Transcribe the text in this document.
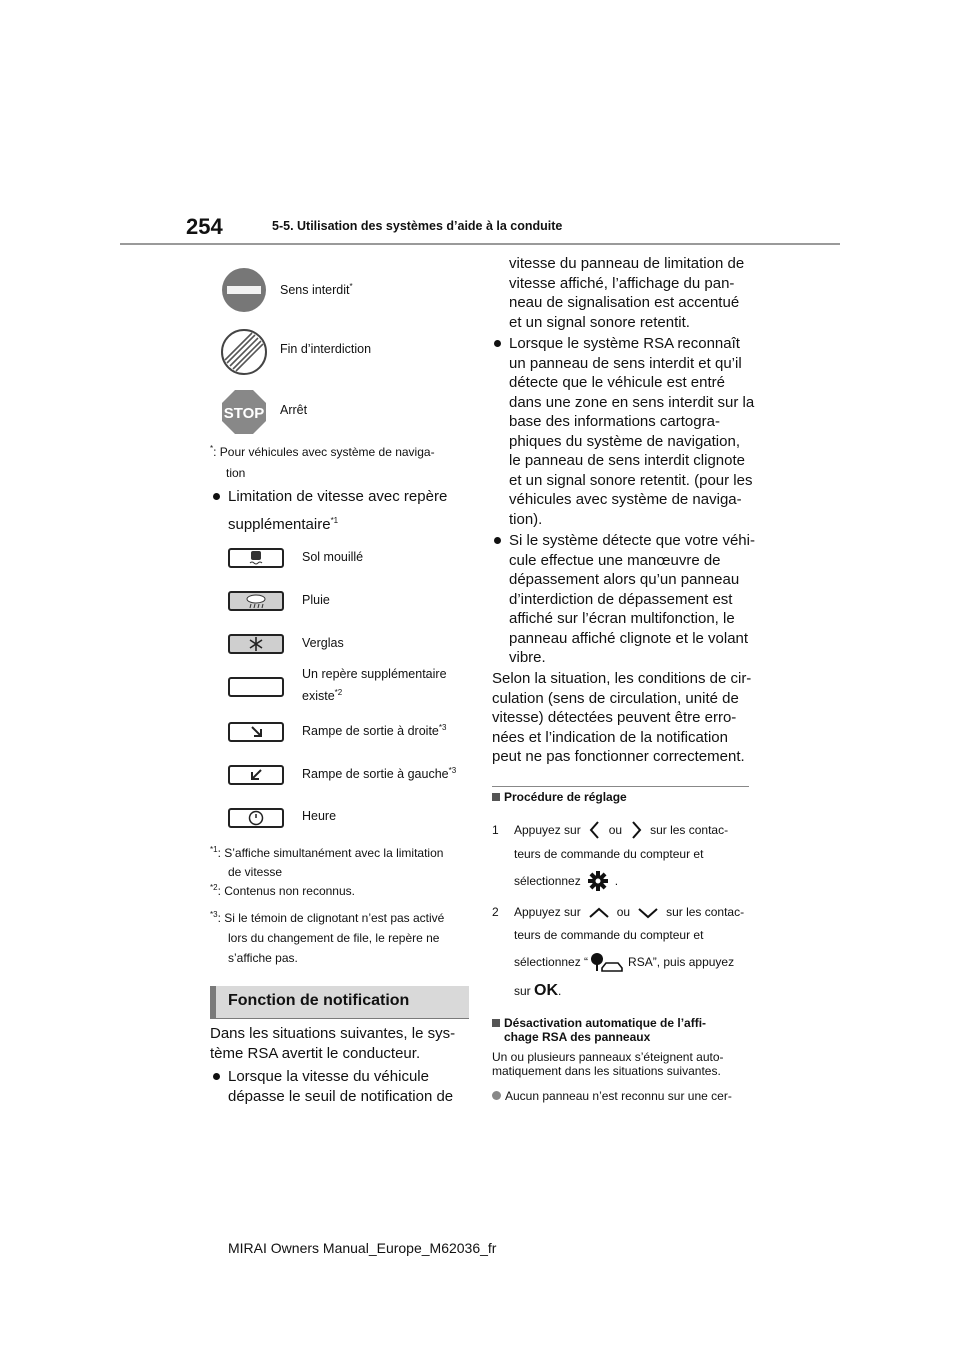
254	5-5. Utilisation des systèmes d’aide à la conduite
Sens interdit*
Fin d’interdiction
STOP Arrêt
*: Pour véhicules avec système de naviga-
tion
Limitation de vitesse avec repère
supplémentaire$^{*1}$
Sol mouillé
Pluie
Verglas
Un repère supplémentaire
existe$^{*2}$
Rampe de sortie à droite$^{*3}$
Rampe de sortie à gauche$^{*3}$
Heure
$^{*1}$: S’affiche simultanément avec la limitation
de vitesse
$^{*2}$: Contenus non reconnus.
$^{*3}$: Si le témoin de clignotant n’est pas activé
lors du changement de file, le repère ne
s’affiche pas.
Fonction de notification
Dans les situations suivantes, le sys-
tème RSA avertit le conducteur.
Lorsque la vitesse du véhicule
dépasse le seuil de notification de
vitesse du panneau de limitation de
vitesse affiché, l’affichage du pan-
neau de signalisation est accentué
et un signal sonore retentit.
Lorsque le système RSA reconnaît
un panneau de sens interdit et qu’il
détecte que le véhicule est entré
dans une zone en sens interdit sur la
base des informations cartogra-
phiques du système de navigation,
le panneau de sens interdit clignote
et un signal sonore retentit. (pour les
véhicules avec système de naviga-
tion).
Si le système détecte que votre véhi-
cule effectue une manœuvre de
dépassement alors qu’un panneau
d’interdiction de dépassement est
affiché sur l’écran multifonction, le
panneau affiché clignote et le volant
vibre.
Selon la situation, les conditions de cir-
culation (sens de circulation, unité de
vitesse) détectées peuvent être erro-
nées et l’indication de la notification
peut ne pas fonctionner correctement.
Procédure de réglage
1	Appuyez sur ou sur les contac-
teurs de commande du compteur et
sélectionnez	.
2	Appuyez sur	ou	sur les contac-
teurs de commande du compteur et
sélectionnez “	RSA”, puis appuyez
sur OK.
Désactivation automatique de l’affi-
chage RSA des panneaux
Un ou plusieurs panneaux s’éteignent auto-
matiquement dans les situations suivantes.
Aucun panneau n’est reconnu sur une cer-
MIRAI Owners Manual_Europe_M62036_fr
